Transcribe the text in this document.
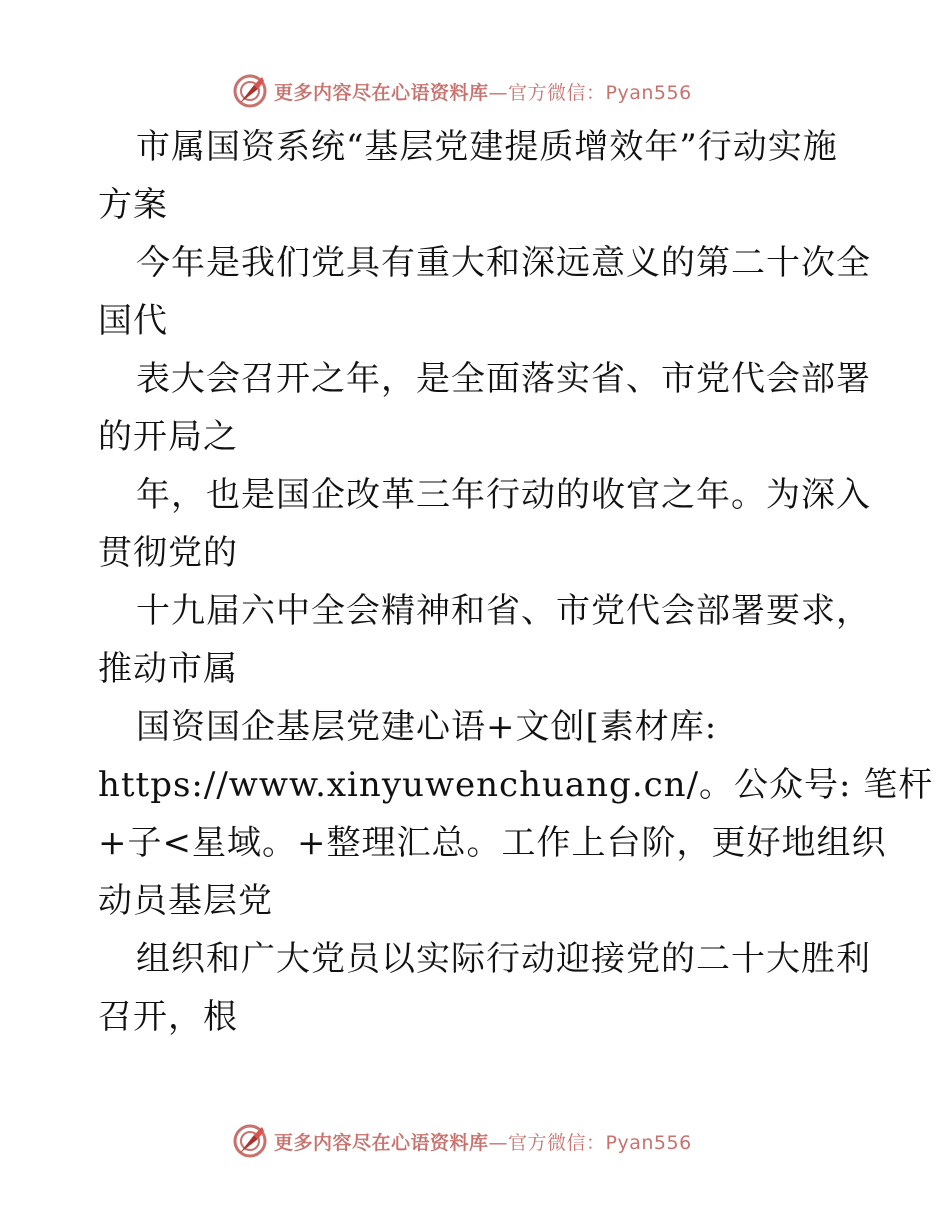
更多内容尽在心语资料库—官方微信：Pyan556
市属国资系统“基层党建提质增效年”行动实施
方案
今年是我们党具有重大和深远意义的第二十次全
国代
表大会召开之年，是全面落实省、市党代会部署
的开局之
年，也是国企改革三年行动的收官之年。为深入
贯彻党的
十九届六中全会精神和省、市党代会部署要求，
推动市属
国资国企基层党建心语+文创[素材库:
https://www.xinyuwenchuang.cn/。公众号: 笔杆
+子<星域。+整理汇总。工作上台阶，更好地组织
动员基层党
组织和广大党员以实际行动迎接党的二十大胜利
召开，根
更多内容尽在心语资料库—官方微信：Pyan556
